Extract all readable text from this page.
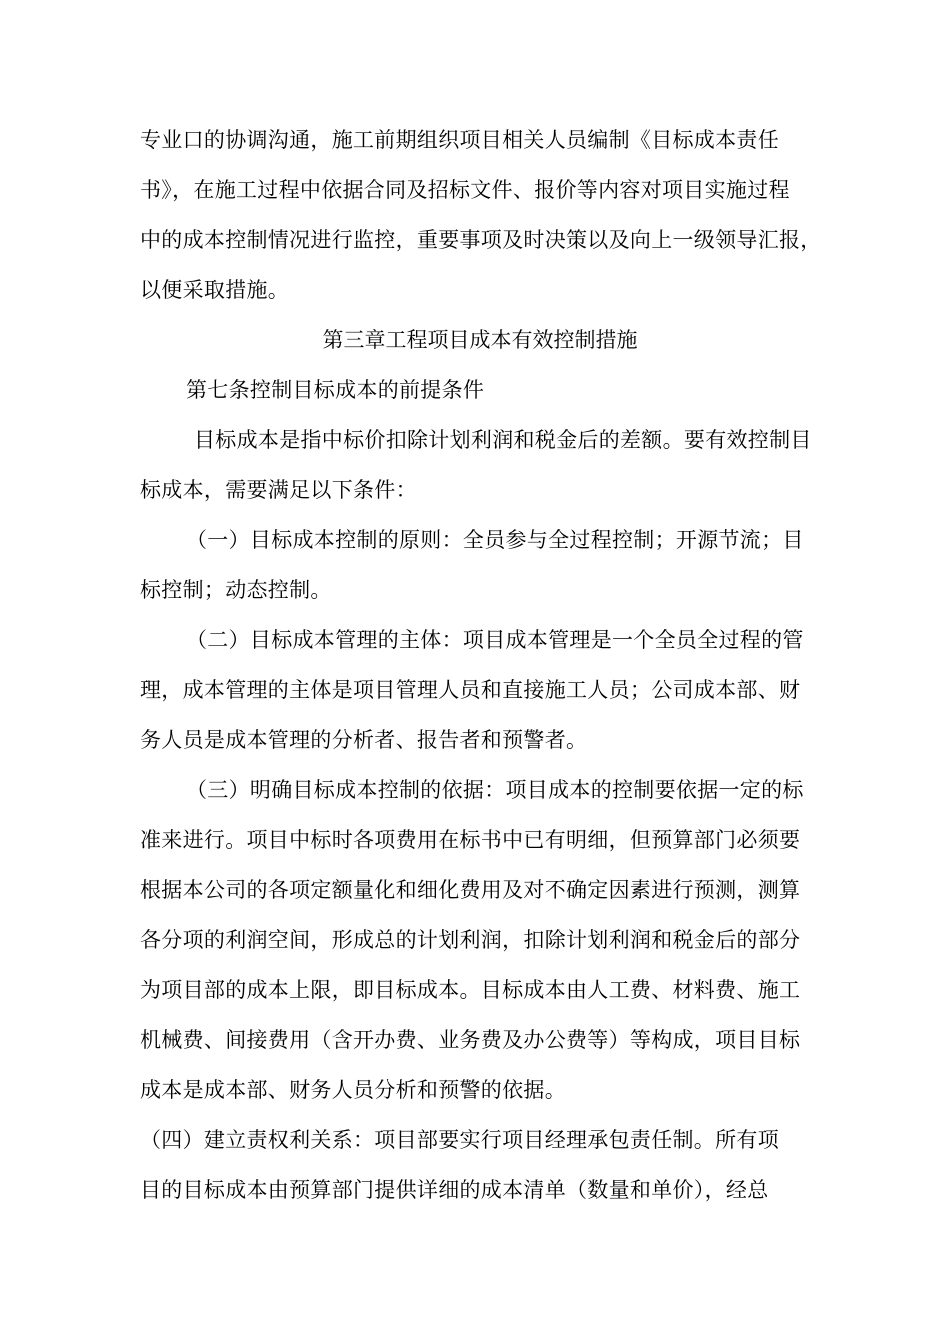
专业口的协调沟通，施工前期组织项目相关人员编制《目标成本责任
书》，在施工过程中依据合同及招标文件、报价等内容对项目实施过程
中的成本控制情况进行监控，重要事项及时决策以及向上一级领导汇报，
以便采取措施。
第三章工程项目成本有效控制措施
第七条控制目标成本的前提条件
目标成本是指中标价扣除计划利润和税金后的差额。要有效控制目
标成本，需要满足以下条件：
（一）目标成本控制的原则：全员参与全过程控制；开源节流；目
标控制；动态控制。
（二）目标成本管理的主体：项目成本管理是一个全员全过程的管
理，成本管理的主体是项目管理人员和直接施工人员；公司成本部、财
务人员是成本管理的分析者、报告者和预警者。
（三）明确目标成本控制的依据：项目成本的控制要依据一定的标
准来进行。项目中标时各项费用在标书中已有明细，但预算部门必须要
根据本公司的各项定额量化和细化费用及对不确定因素进行预测，测算
各分项的利润空间，形成总的计划利润，扣除计划利润和税金后的部分
为项目部的成本上限，即目标成本。目标成本由人工费、材料费、施工
机械费、间接费用（含开办费、业务费及办公费等）等构成，项目目标
成本是成本部、财务人员分析和预警的依据。
（四）建立责权利关系：项目部要实行项目经理承包责任制。所有项
目的目标成本由预算部门提供详细的成本清单（数量和单价），经总
